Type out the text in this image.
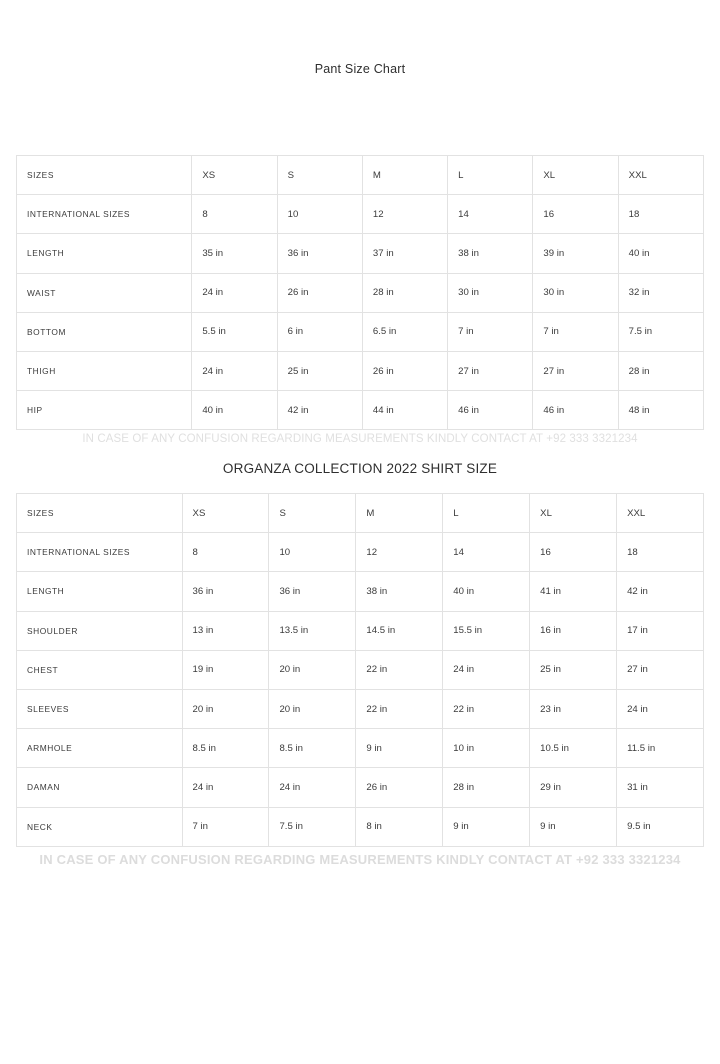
Pant Size Chart
SIZES	XS	S	M	L	XL	XXL
INTERNATIONAL SIZES	8	10	12	14	16	18
LENGTH	35 in	36 in	37 in	38 in	39 in	40 in
WAIST	24 in	26 in	28 in	30 in	30 in	32 in
BOTTOM	5.5 in	6 in	6.5 in	7 in	7 in	7.5 in
THIGH	24 in	25 in	26 in	27 in	27 in	28 in
HIP	40 in	42 in	44 in	46 in	46 in	48 in
IN CASE OF ANY CONFUSION REGARDING MEASUREMENTS KINDLY CONTACT AT +92 333 3321234
ORGANZA COLLECTION 2022 SHIRT SIZE
SIZES	XS	S	M	L	XL	XXL
INTERNATIONAL SIZES	8	10	12	14	16	18
LENGTH	36 in	36 in	38 in	40 in	41 in	42 in
SHOULDER	13 in	13.5 in	14.5 in	15.5 in	16 in	17 in
CHEST	19 in	20 in	22 in	24 in	25 in	27 in
SLEEVES	20 in	20 in	22 in	22 in	23 in	24 in
ARMHOLE	8.5 in	8.5 in	9 in	10 in	10.5 in	11.5 in
DAMAN	24 in	24 in	26 in	28 in	29 in	31 in
NECK	7 in	7.5 in	8 in	9 in	9 in	9.5 in
IN CASE OF ANY CONFUSION REGARDING MEASUREMENTS KINDLY CONTACT AT +92 333 3321234
